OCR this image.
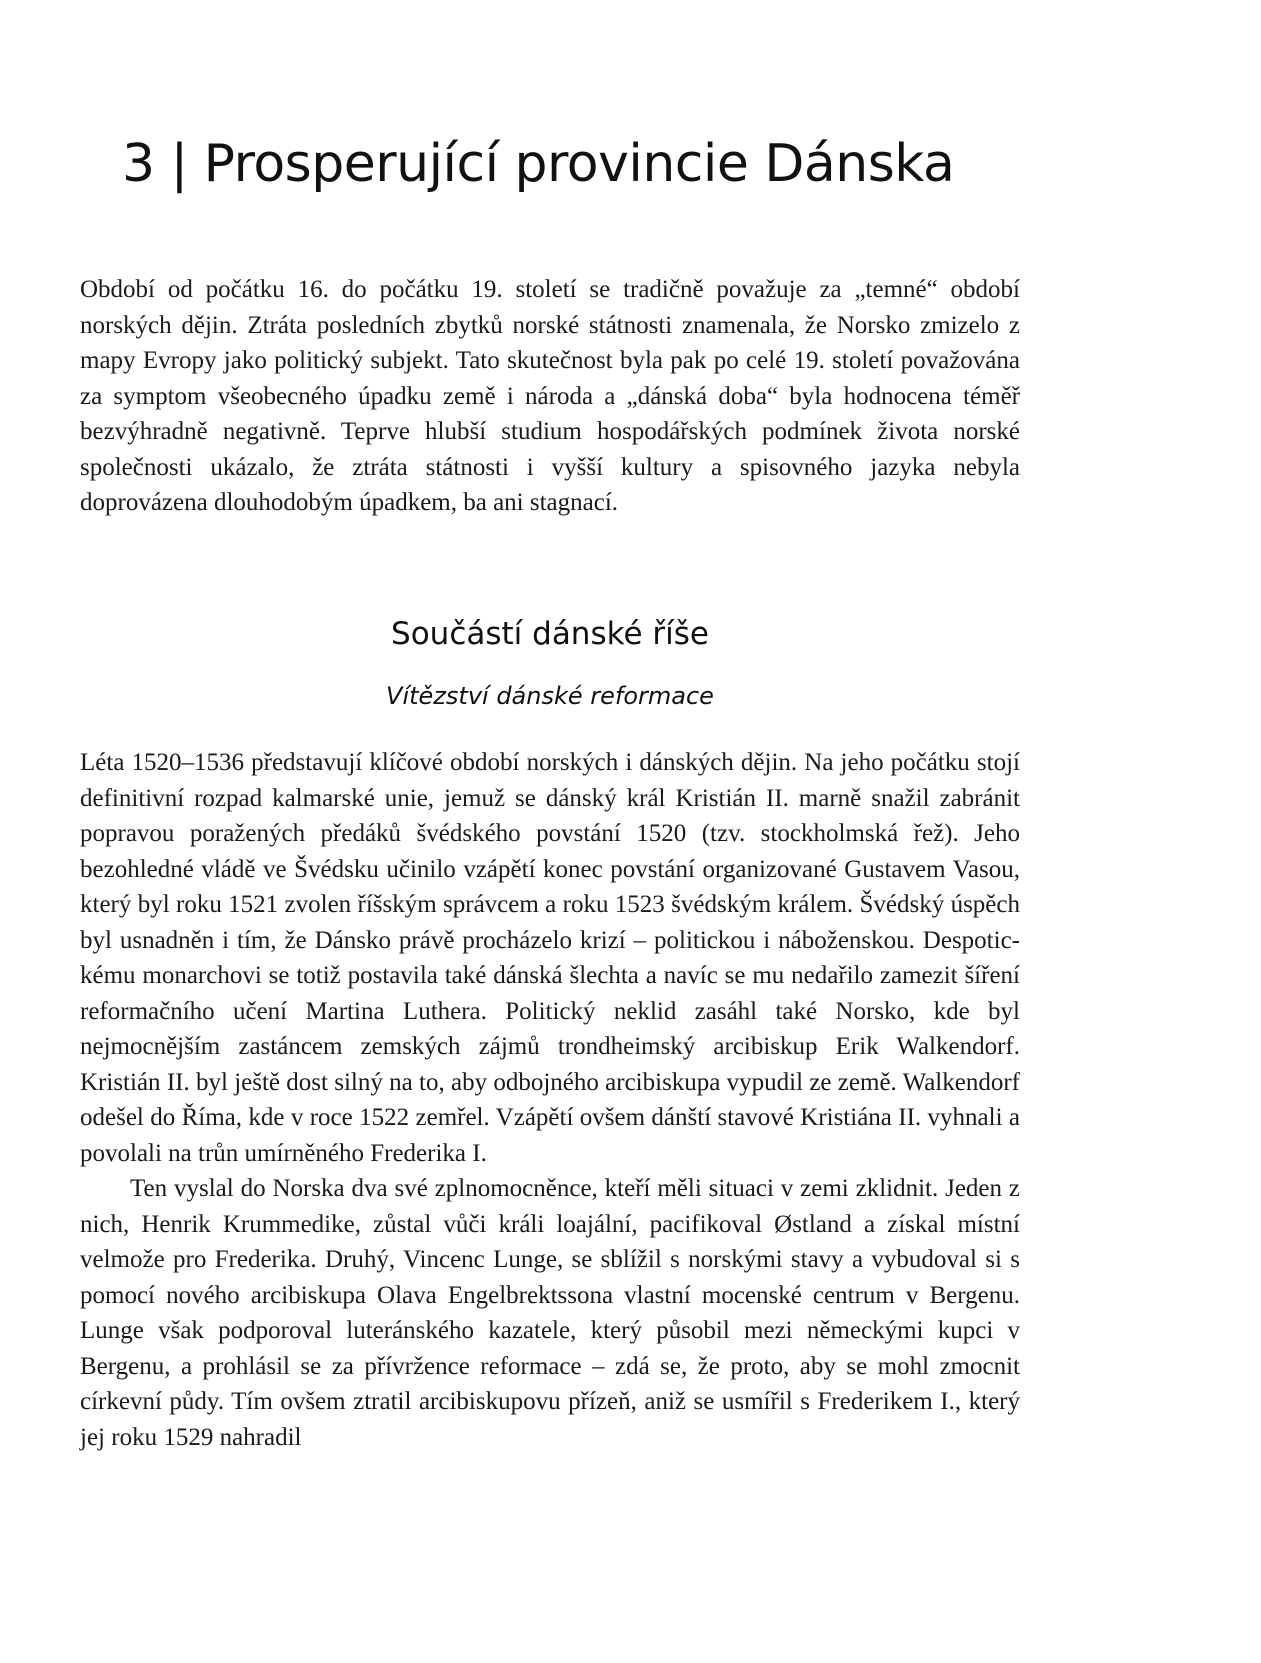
3 | Prosperující provincie Dánska

Období od počátku 16. do počátku 19. století se tradičně považuje za „temné“ období norských dějin. Ztráta posledních zbytků norské státnosti znamenala, že Norsko zmizelo z mapy Evropy jako politický subjekt. Tato skutečnost byla pak po celé 19. století považována za symptom všeobecného úpadku země i národa a „dánská doba“ byla hodnocena téměř bezvýhradně negativně. Teprve hlubší studium hospodářských podmínek života norské společnosti ukázalo, že ztráta státnosti i vyšší kultury a spisovného jazyka nebyla doprovázena dlouhodobým úpadkem, ba ani stagnací.

Součástí dánské říše
Vítězství dánské reformace

Léta 1520–1536 představují klíčové období norských i dánských dějin. Na jeho počátku stojí definitivní rozpad kalmarské unie, jemuž se dánský král Kristián II. marně snažil zabránit popravou poražených předáků švédského povstání 1520 (tzv. stockholmská řež). Jeho bezohledné vládě ve Švédsku učinilo vzápětí konec povstání organizované Gustavem Vasou, který byl roku 1521 zvolen říšským správcem a roku 1523 švédským králem. Švédský úspěch byl usnadněn i tím, že Dánsko právě procházelo krizí – politickou i náboženskou. Despotickému monarchovi se totiž postavila také dánská šlechta a navíc se mu nedařilo zamezit šíření reformačního učení Martina Luthera. Politický neklid zasáhl také Norsko, kde byl nejmocnějším zastáncem zemských zájmů trondheimský arcibiskup Erik Walkendorf. Kristián II. byl ještě dost silný na to, aby odbojného arcibiskupa vypudil ze země. Walkendorf odešel do Říma, kde v roce 1522 zemřel. Vzápětí ovšem dánští stavové Kristiána II. vyhnali a povolali na trůn umírněného Frederika I.

Ten vyslal do Norska dva své zplnomocněnce, kteří měli situaci v zemi zklidnit. Jeden z nich, Henrik Krummedike, zůstal vůči králi loajální, pacifikoval Østland a získal místní velmože pro Frederika. Druhý, Vincenc Lunge, se sblížil s norskými stavy a vybudoval si s pomocí nového arcibiskupa Olava Engelbrektssona vlastní mocenské centrum v Bergenu. Lunge však podporoval luteránského kazatele, který působil mezi německými kupci v Bergenu, a prohlásil se za přívržence reformace – zdá se, že proto, aby se mohl zmocnit církevní půdy. Tím ovšem ztratil arcibiskupovu přízeň, aniž se usmířil s Frederikem I., který jej roku 1529 nahradil
